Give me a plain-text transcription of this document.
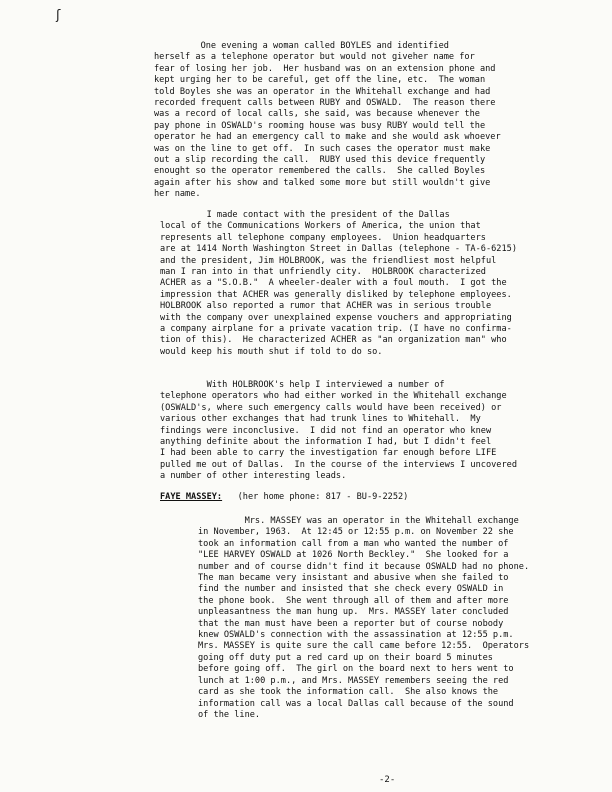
ʃ

One evening a woman called BOYLES and identified
herself as a telephone operator but would not giveher name for
fear of losing her job.  Her husband was on an extension phone and
kept urging her to be careful, get off the line, etc.  The woman
told Boyles she was an operator in the Whitehall exchange and had
recorded frequent calls between RUBY and OSWALD.  The reason there
was a record of local calls, she said, was because whenever the
pay phone in OSWALD's rooming house was busy RUBY would tell the
operator he had an emergency call to make and she would ask whoever
was on the line to get off.  In such cases the operator must make
out a slip recording the call.  RUBY used this device frequently
enought so the operator remembered the calls.  She called Boyles
again after his show and talked some more but still wouldn't give
her name.

I made contact with the president of the Dallas
local of the Communications Workers of America, the union that
represents all telephone company employees.  Union headquarters
are at 1414 North Washington Street in Dallas (telephone - TA-6-6215)
and the president, Jim HOLBROOK, was the friendliest most helpful
man I ran into in that unfriendly city.  HOLBROOK characterized
ACHER as a "S.O.B."  A wheeler-dealer with a foul mouth.  I got the
impression that ACHER was generally disliked by telephone employees.
HOLBROOK also reported a rumor that ACHER was in serious trouble
with the company over unexplained expense vouchers and appropriating
a company airplane for a private vacation trip. (I have no confirma-
tion of this).  He characterized ACHER as "an organization man" who
would keep his mouth shut if told to do so.

With HOLBROOK's help I interviewed a number of
telephone operators who had either worked in the Whitehall exchange
(OSWALD's, where such emergency calls would have been received) or
various other exchanges that had trunk lines to Whitehall.  My
findings were inconclusive.  I did not find an operator who knew
anything definite about the information I had, but I didn't feel
I had been able to carry the investigation far enough before LIFE
pulled me out of Dallas.  In the course of the interviews I uncovered
a number of other interesting leads.

FAYE MASSEY:   (her home phone: 817 - BU-9-2252)

Mrs. MASSEY was an operator in the Whitehall exchange
in November, 1963.  At 12:45 or 12:55 p.m. on November 22 she
took an information call from a man who wanted the number of
"LEE HARVEY OSWALD at 1026 North Beckley."  She looked for a
number and of course didn't find it because OSWALD had no phone.
The man became very insistant and abusive when she failed to
find the number and insisted that she check every OSWALD in
the phone book.  She went through all of them and after more
unpleasantness the man hung up.  Mrs. MASSEY later concluded
that the man must have been a reporter but of course nobody
knew OSWALD's connection with the assassination at 12:55 p.m.
Mrs. MASSEY is quite sure the call came before 12:55.  Operators
going off duty put a red card up on their board 5 minutes
before going off.  The girl on the board next to hers went to
lunch at 1:00 p.m., and Mrs. MASSEY remembers seeing the red
card as she took the information call.  She also knows the
information call was a local Dallas call because of the sound
of the line.

-2-
